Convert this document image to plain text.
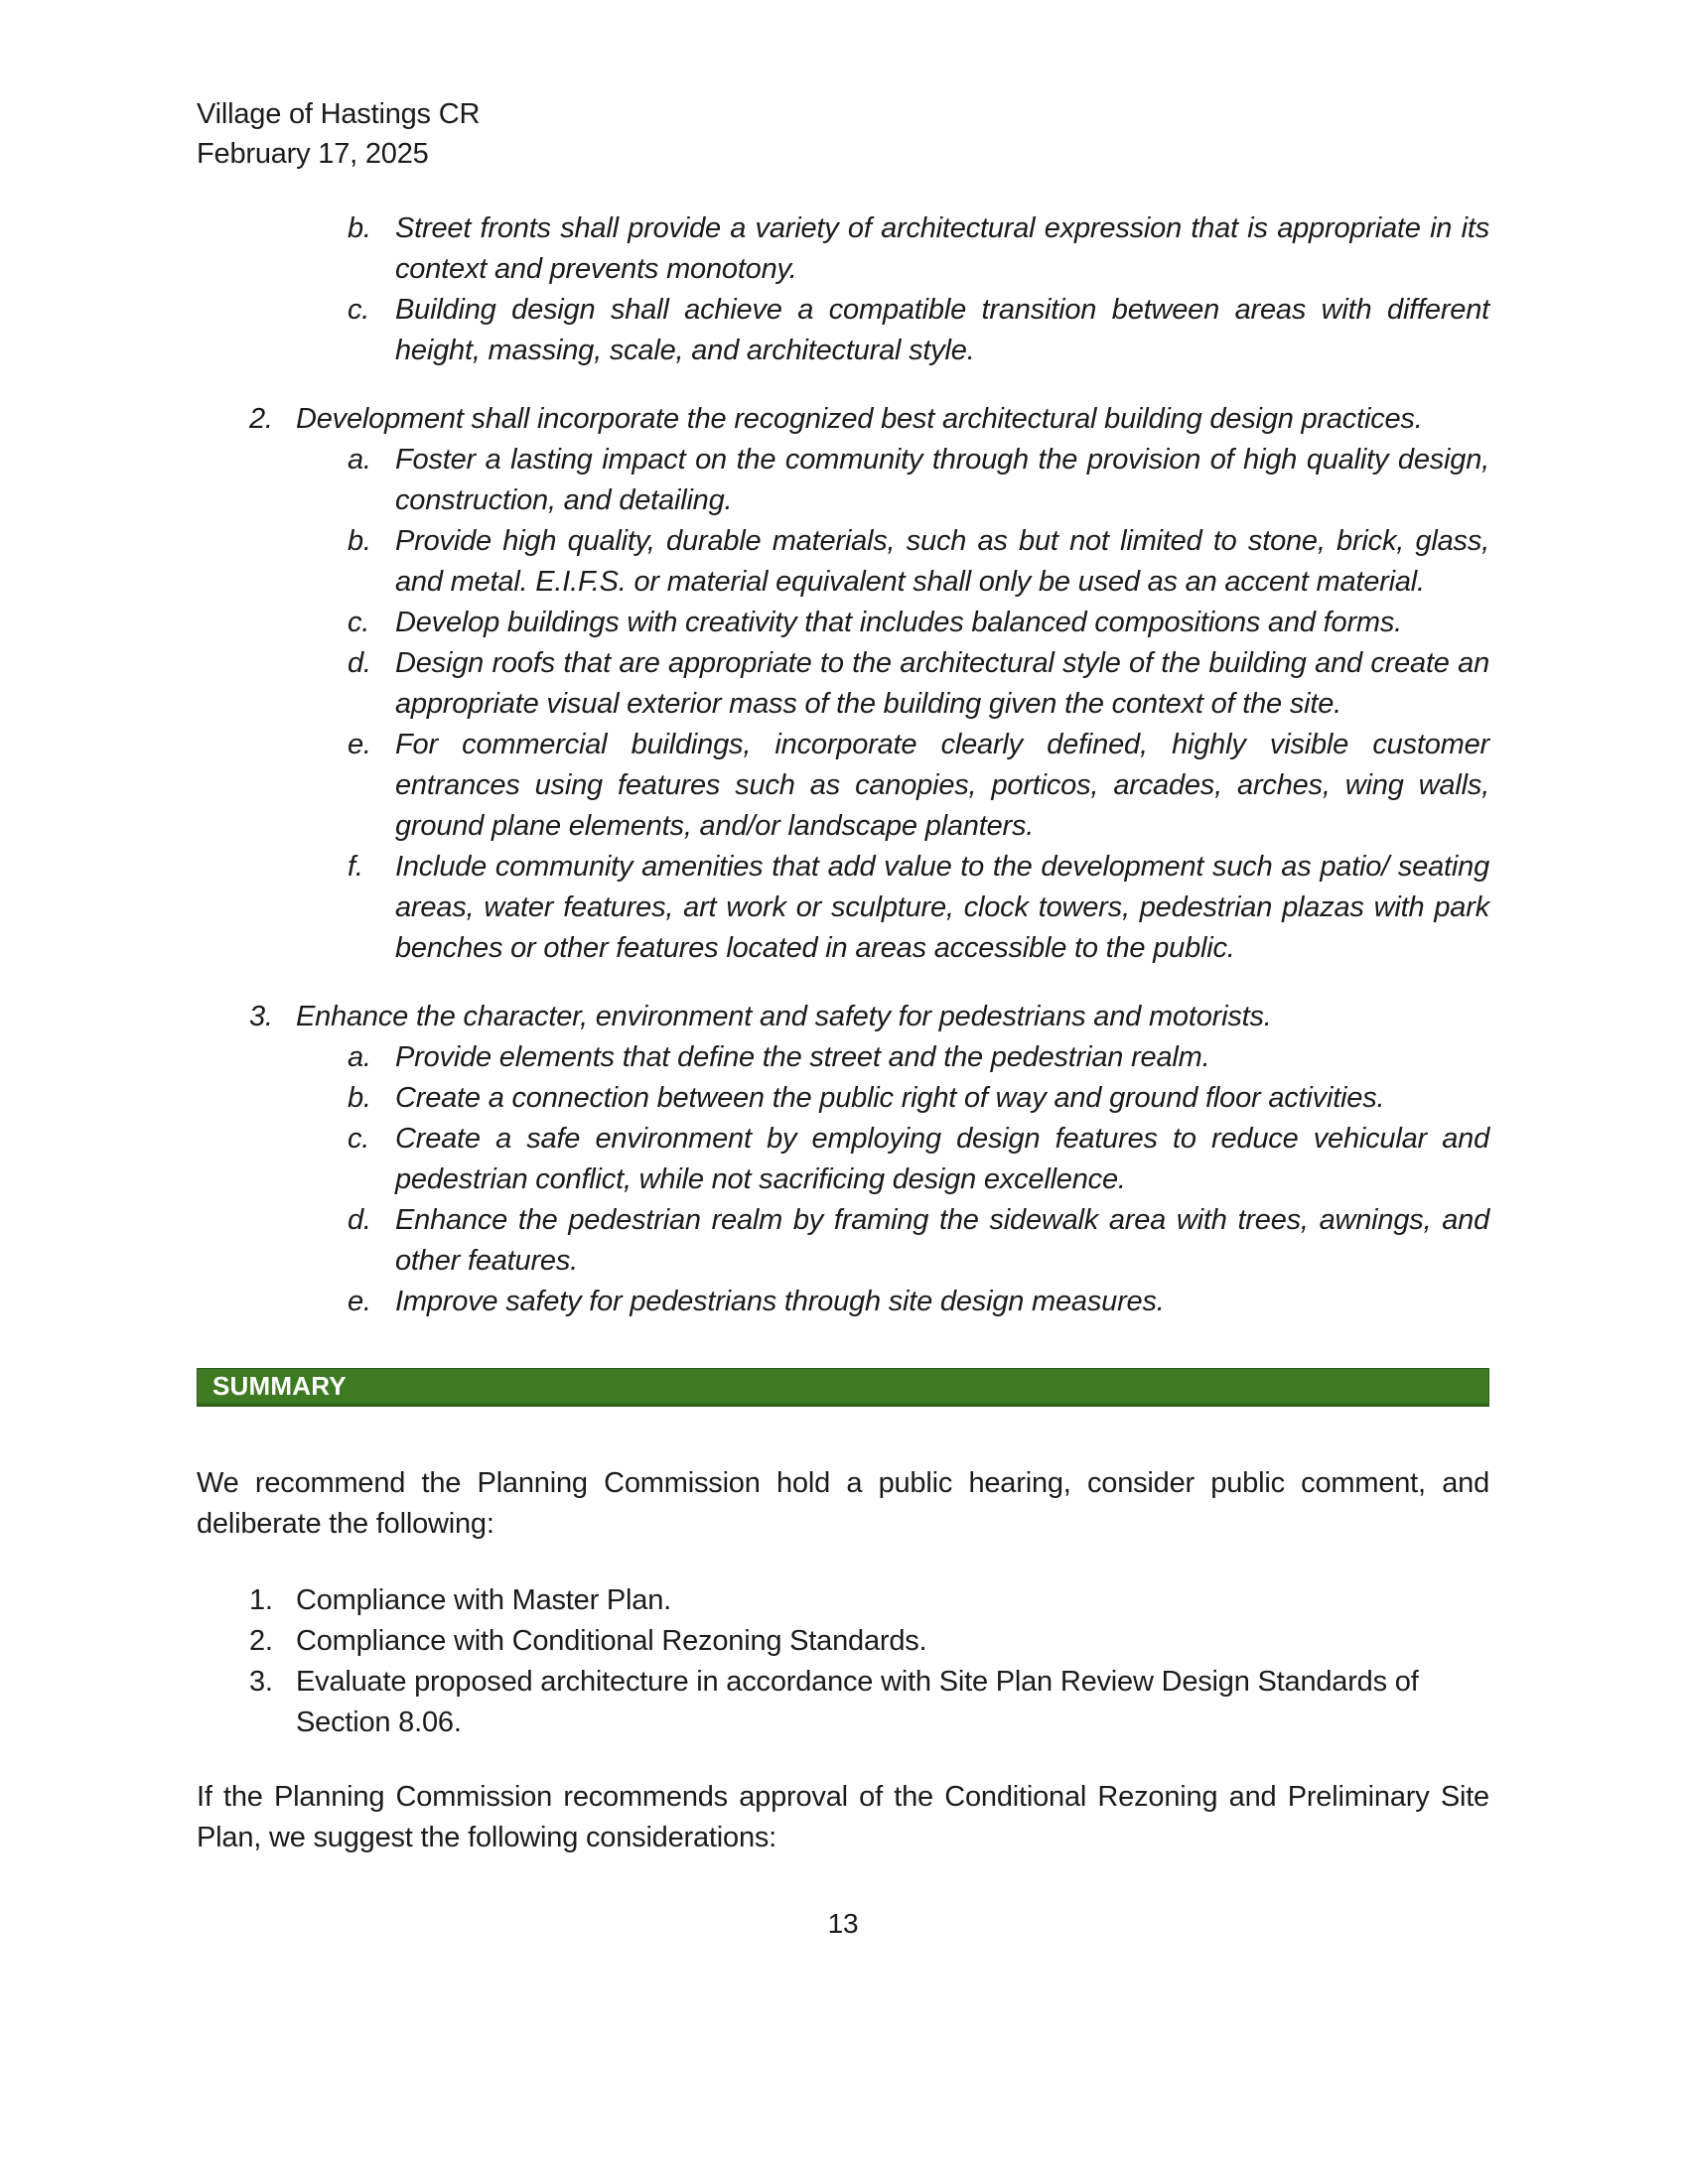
Village of Hastings CR
February 17, 2025
b. Street fronts shall provide a variety of architectural expression that is appropriate in its context and prevents monotony.
c. Building design shall achieve a compatible transition between areas with different height, massing, scale, and architectural style.
2. Development shall incorporate the recognized best architectural building design practices.
a. Foster a lasting impact on the community through the provision of high quality design, construction, and detailing.
b. Provide high quality, durable materials, such as but not limited to stone, brick, glass, and metal. E.I.F.S. or material equivalent shall only be used as an accent material.
c. Develop buildings with creativity that includes balanced compositions and forms.
d. Design roofs that are appropriate to the architectural style of the building and create an appropriate visual exterior mass of the building given the context of the site.
e. For commercial buildings, incorporate clearly defined, highly visible customer entrances using features such as canopies, porticos, arcades, arches, wing walls, ground plane elements, and/or landscape planters.
f. Include community amenities that add value to the development such as patio/ seating areas, water features, art work or sculpture, clock towers, pedestrian plazas with park benches or other features located in areas accessible to the public.
3. Enhance the character, environment and safety for pedestrians and motorists.
a. Provide elements that define the street and the pedestrian realm.
b. Create a connection between the public right of way and ground floor activities.
c. Create a safe environment by employing design features to reduce vehicular and pedestrian conflict, while not sacrificing design excellence.
d. Enhance the pedestrian realm by framing the sidewalk area with trees, awnings, and other features.
e. Improve safety for pedestrians through site design measures.
SUMMARY
We recommend the Planning Commission hold a public hearing, consider public comment, and deliberate the following:
1. Compliance with Master Plan.
2. Compliance with Conditional Rezoning Standards.
3. Evaluate proposed architecture in accordance with Site Plan Review Design Standards of Section 8.06.
If the Planning Commission recommends approval of the Conditional Rezoning and Preliminary Site Plan, we suggest the following considerations:
13
